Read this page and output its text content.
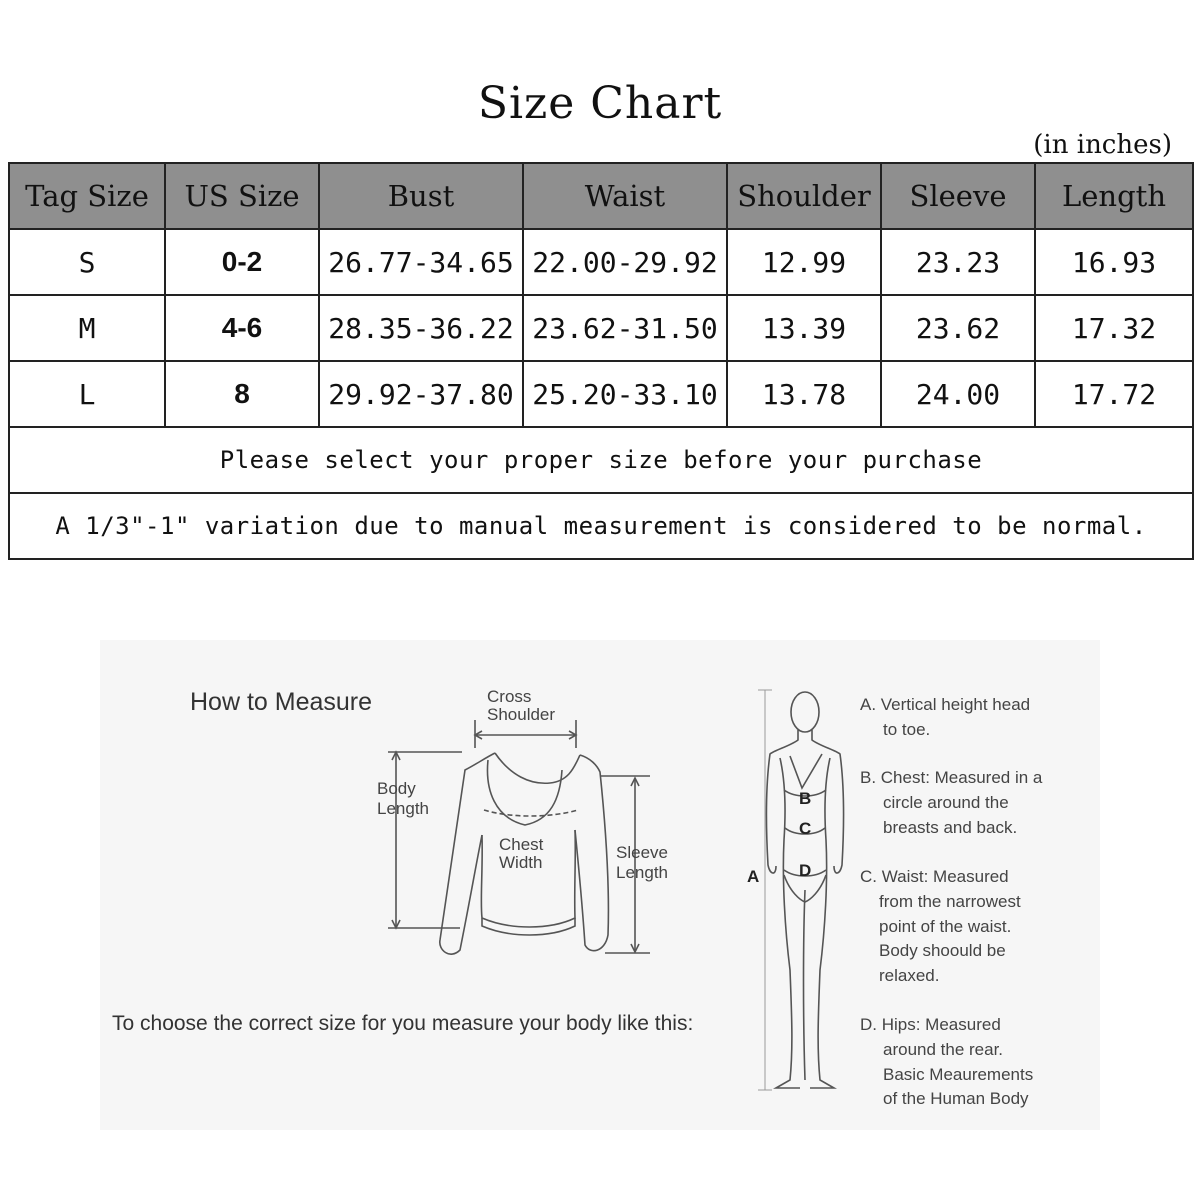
Size Chart
(in inches)
Tag Size	US Size	Bust	Waist	Shoulder	Sleeve	Length
S	0-2	26.77-34.65	22.00-29.92	12.99	23.23	16.93
M	4-6	28.35-36.22	23.62-31.50	13.39	23.62	17.32
L	8	29.92-37.80	25.20-33.10	13.78	24.00	17.72
Please select your proper size before your purchase						
A 1/3"-1" variation due to manual measurement is considered to be normal.						
How to Measure	Cross
Shoulder
Body
Length
Chest
Width
Sleeve
Length	A
B
C
D
A. Vertical height head
to toe.
B. Chest: Measured in a
circle around the
breasts and back.
C. Waist: Measured
from the narrowest
point of the waist.
Body shoould be
relaxed.
D. Hips: Measured
around the rear.
Basic Meaurements
of the Human Body
To choose the correct size for you measure your body like this:
